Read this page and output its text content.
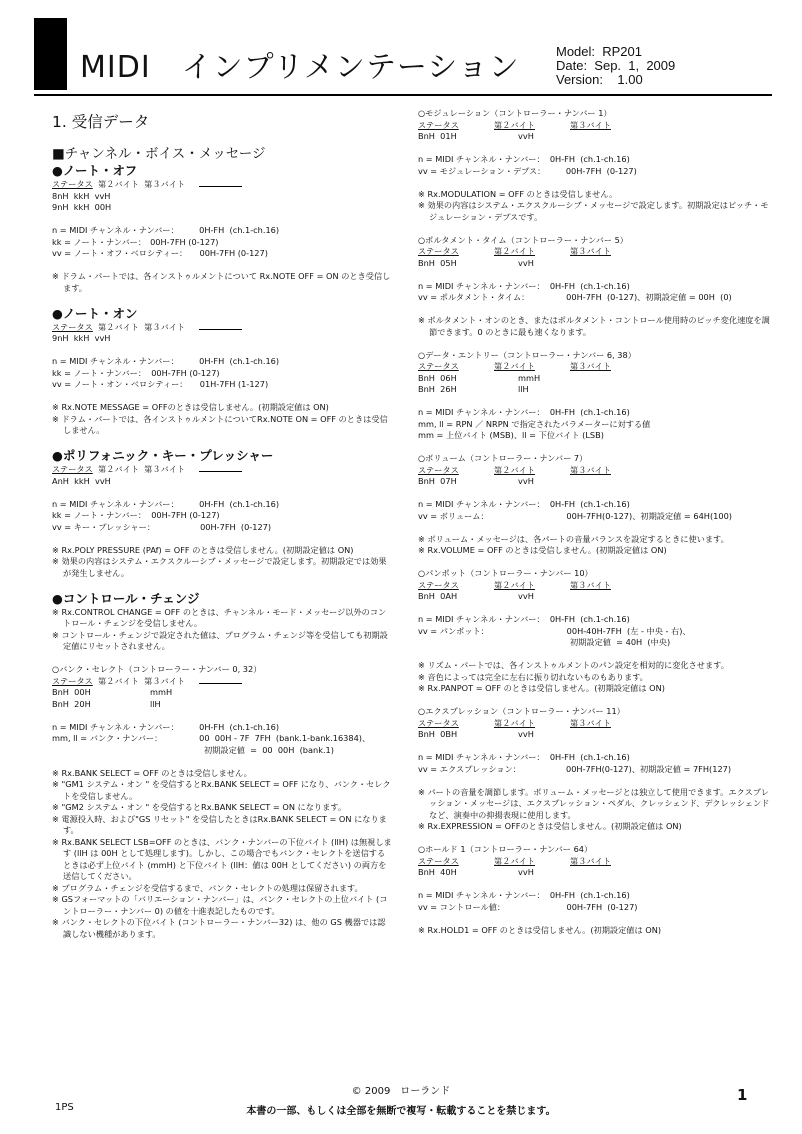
MIDI　インプリメンテーション	Model:  RP201
Date:  Sep.  1,  2009
Version:    1.00
1. 受信データ
■チャンネル・ボイス・メッセージ
●ノート・オフ
ステータス 第２バイト 第３バイト
8nH  kkH  vvH
9nH  kkH  00H
n = MIDI チャンネル・ナンバー：　　　0H-FH  (ch.1-ch.16)
kk = ノート・ナンバー：　00H-7FH (0-127)
vv = ノート・オフ・ベロシティー：　　00H-7FH (0-127)
※ ドラム・パートでは、各インストゥルメントについて Rx.NOTE OFF = ON のとき受信します。
●ノート・オン
ステータス 第２バイト 第３バイト
9nH  kkH  vvH
n = MIDI チャンネル・ナンバー：　　　0H-FH  (ch.1-ch.16)
kk = ノート・ナンバー：  00H-7FH (0-127)
vv = ノート・オン・ベロシティー：　　01H-7FH (1-127)
※ Rx.NOTE MESSAGE = OFFのときは受信しません。(初期設定値は ON)
※ ドラム・パートでは、各インストゥルメントについてRx.NOTE ON = OFF のときは受信しません。
●ポリフォニック・キー・プレッシャー
ステータス 第２バイト 第３バイト
AnH  kkH  vvH
n = MIDI チャンネル・ナンバー：　　　0H-FH  (ch.1-ch.16)
kk = ノート・ナンバー：  00H-7FH (0-127)
vv = キー・プレッシャー：　　　　　　00H-7FH  (0-127)
※ Rx.POLY PRESSURE (PAf) = OFF のときは受信しません。(初期設定値は ON)
※ 効果の内容はシステム・エクスクルーシブ・メッセージで設定します。初期設定では効果が発生しません。
●コントロール・チェンジ
※ Rx.CONTROL CHANGE = OFF のときは、チャンネル・モード・メッセージ以外のコントロール・チェンジを受信しません。
※ コントロール・チェンジで設定された値は、プログラム・チェンジ等を受信しても初期設定値にリセットされません。
○バンク・セレクト（コントローラー・ナンバー 0, 32）
ステータス 第２バイト 第３バイト
BnH  00H	mmH
BnH  20H	llH
n = MIDI チャンネル・ナンバー：　　　0H-FH  (ch.1-ch.16)
mm, ll = バンク・ナンバー：　　　　　00  00H - 7F  7FH  (bank.1-bank.16384)、
初期設定値  =  00  00H  (bank.1)
※ Rx.BANK SELECT = OFF のときは受信しません。
※ "GM1 システム・オン " を受信するとRx.BANK SELECT = OFF になり、バンク・セレクトを受信しません。
※ "GM2 システム・オン " を受信するとRx.BANK SELECT = ON になります。
※ 電源投入時、および"GS リセット" を受信したときはRx.BANK SELECT = ON になります。
※ Rx.BANK SELECT LSB=OFF のときは、バンク・ナンバーの下位バイト (llH) は無視します (llH は 00H として処理します)。しかし、この場合でもバンク・セレクトを送信するときは必ず上位バイト (mmH) と下位バイト (llH：値は 00H としてください) の両方を送信してください。
※ プログラム・チェンジを受信するまで、バンク・セレクトの処理は保留されます。
※ GSフォーマットの「バリエーション・ナンバー」は、バンク・セレクトの上位バイト (コントローラー・ナンバー 0) の値を十進表記したものです。
※ バンク・セレクトの下位バイト (コントローラー・ナンバー32) は、他の GS 機器では認識しない機種があります。
○モジュレーション（コントローラー・ナンバー 1）
ステータス	第２バイト	第３バイト
BnH  01H	vvH
n = MIDI チャンネル・ナンバー：  0H-FH  (ch.1-ch.16)
vv = モジュレーション・デプス：　　　00H-7FH  (0-127)
※ Rx.MODULATION = OFF のときは受信しません。
※ 効果の内容はシステム・エクスクルーシブ・メッセージで設定します。初期設定はピッチ・モジュレーション・デプスです。
○ポルタメント・タイム（コントローラー・ナンバー 5）
ステータス	第２バイト	第３バイト
BnH  05H	vvH
n = MIDI チャンネル・ナンバー：  0H-FH  (ch.1-ch.16)
vv = ポルタメント・タイム：　　　　　00H-7FH  (0-127)、初期設定値 = 00H  (0)
※ ポルタメント・オンのとき、またはポルタメント・コントロール使用時のピッチ変化速度を調節できます。0 のときに最も速くなります。
○データ・エントリー（コントローラー・ナンバー 6, 38）
ステータス	第２バイト	第３バイト
BnH  06H	mmH
BnH  26H	llH
n = MIDI チャンネル・ナンバー：  0H-FH  (ch.1-ch.16)
mm, ll = RPN ／ NRPN で指定されたパラメーターに対する値
mm = 上位バイト (MSB)、ll = 下位バイト (LSB)
○ボリューム（コントローラー・ナンバー 7）
ステータス	第２バイト	第３バイト
BnH  07H	vvH
n = MIDI チャンネル・ナンバー：  0H-FH  (ch.1-ch.16)
vv = ボリューム：　　　　　　　　　　00H-7FH(0-127)、初期設定値 = 64H(100)
※ ボリューム・メッセージは、各パートの音量バランスを設定するときに使います。
※ Rx.VOLUME = OFF のときは受信しません。(初期設定値は ON)
○パンポット（コントローラー・ナンバー 10）
ステータス	第２バイト	第３バイト
BnH  0AH	vvH
n = MIDI チャンネル・ナンバー：  0H-FH  (ch.1-ch.16)
vv = パンポット：　　　　　　　　　　00H-40H-7FH  (左 - 中央 - 右)、
初期設定値  = 40H  (中央)
※ リズム・パートでは、各インストゥルメントのパン設定を相対的に変化させます。
※ 音色によっては完全に左右に振り切れないものもあります。
※ Rx.PANPOT = OFF のときは受信しません。(初期設定値は ON)
○エクスプレッション（コントローラー・ナンバー 11）
ステータス	第２バイト	第３バイト
BnH  0BH	vvH
n = MIDI チャンネル・ナンバー：  0H-FH  (ch.1-ch.16)
vv = エクスプレッション：　　　　　　00H-7FH(0-127)、初期設定値 = 7FH(127)
※ パートの音量を調節します。ボリューム・メッセージとは独立して使用できます。エクスプレッション・メッセージは、エクスプレッション・ペダル、クレッシェンド、デクレッシェンドなど、演奏中の抑揚表現に使用します。
※ Rx.EXPRESSION = OFFのときは受信しません。(初期設定値は ON)
○ホールド 1（コントローラー・ナンバー 64）
ステータス	第２バイト	第３バイト
BnH  40H	vvH
n = MIDI チャンネル・ナンバー：  0H-FH  (ch.1-ch.16)
vv = コントロール値：　　　　　　　　00H-7FH  (0-127)
※ Rx.HOLD1 = OFF のときは受信しません。(初期設定値は ON)
© 2009　ローランド
1PS	本書の一部、もしくは全部を無断で複写・転載することを禁じます。
1
